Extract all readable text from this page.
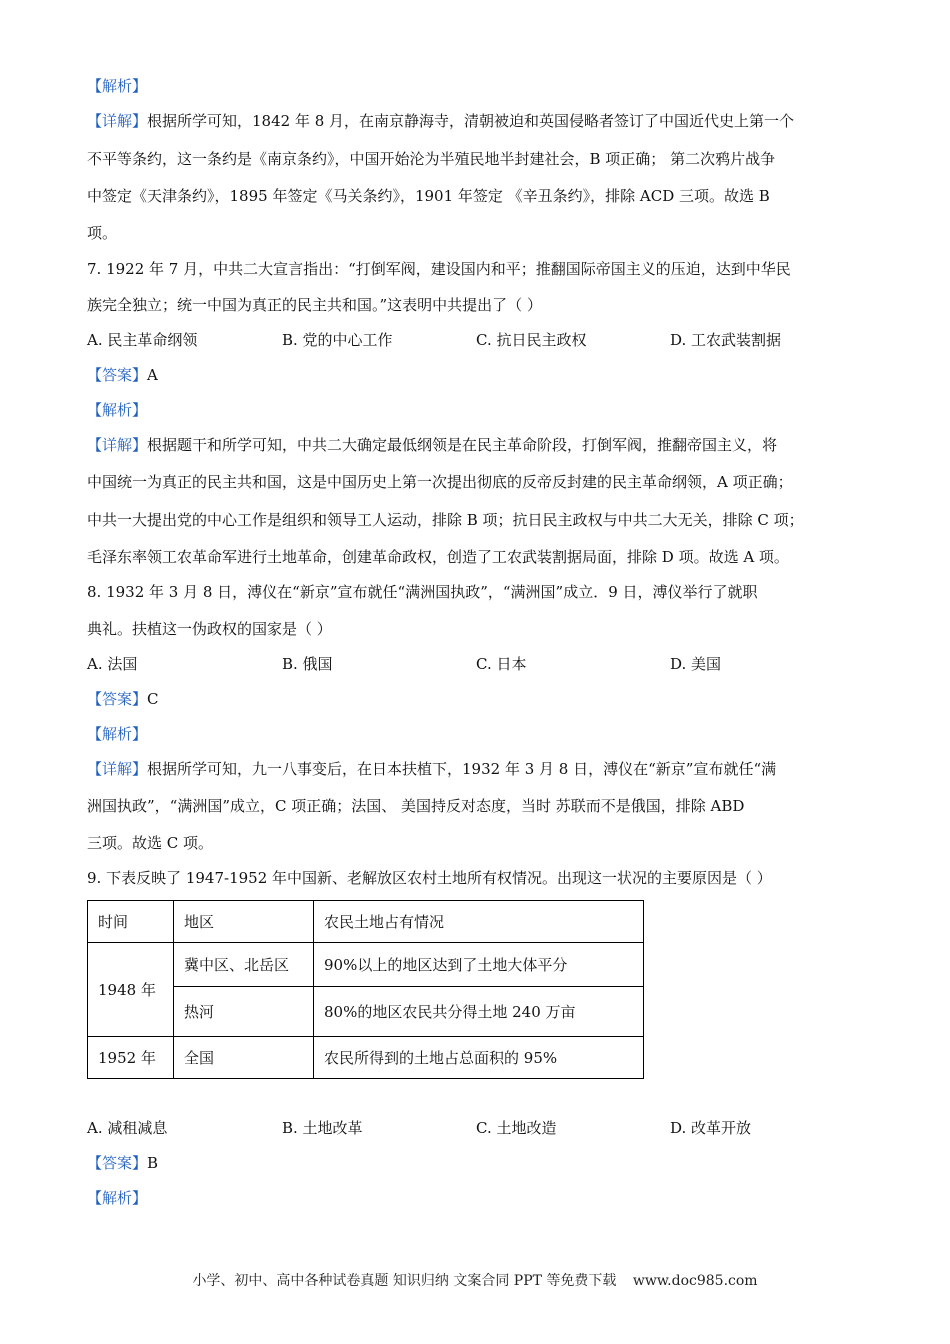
【解析】
【详解】根据所学可知，1842 年 8 月，在南京静海寺，清朝被迫和英国侵略者签订了中国近代史上第一个
不平等条约，这一条约是《南京条约》，中国开始沦为半殖民地半封建社会，B 项正确； 第二次鸦片战争
中签定《天津条约》，1895 年签定《马关条约》，1901 年签定 《辛丑条约》，排除 ACD 三项。故选 B
项。
7. 1922 年 7 月，中共二大宣言指出：“打倒军阀，建设国内和平；推翻国际帝国主义的压迫，达到中华民
族完全独立；统一中国为真正的民主共和国。”这表明中共提出了（ ）
A. 民主革命纲领	B. 党的中心工作	C. 抗日民主政权	D. 工农武装割据
【答案】A
【解析】
【详解】根据题干和所学可知，中共二大确定最低纲领是在民主革命阶段，打倒军阀，推翻帝国主义，将
中国统一为真正的民主共和国，这是中国历史上第一次提出彻底的反帝反封建的民主革命纲领，A 项正确；
中共一大提出党的中心工作是组织和领导工人运动，排除 B 项；抗日民主政权与中共二大无关，排除 C 项；
毛泽东率领工农革命军进行土地革命，创建革命政权，创造了工农武装割据局面，排除 D 项。故选 A 项。
8. 1932 年 3 月 8 日，溥仪在“新京”宣布就任“满洲国执政”，“满洲国”成立．9 日，溥仪举行了就职
典礼。扶植这一伪政权的国家是（ ）
A. 法国	B. 俄国	C. 日本	D. 美国
【答案】C
【解析】
【详解】根据所学可知，九一八事变后，在日本扶植下，1932 年 3 月 8 日，溥仪在“新京”宣布就任“满
洲国执政”，“满洲国”成立，C 项正确；法国、 美国持反对态度，当时 苏联而不是俄国，排除 ABD
三项。故选 C 项。
9. 下表反映了 1947-1952 年中国新、老解放区农村土地所有权情况。出现这一状况的主要原因是（ ）
时间	地区	农民土地占有情况
1948 年	冀中区、北岳区	90%以上的地区达到了土地大体平分
	热河	80%的地区农民共分得土地 240 万亩
1952 年	全国	农民所得到的土地占总面积的 95%
A. 减租减息	B. 土地改革	C. 土地改造	D. 改革开放
【答案】B
【解析】
小学、初中、高中各种试卷真题 知识归纳 文案合同 PPT 等免费下载 www.doc985.com
